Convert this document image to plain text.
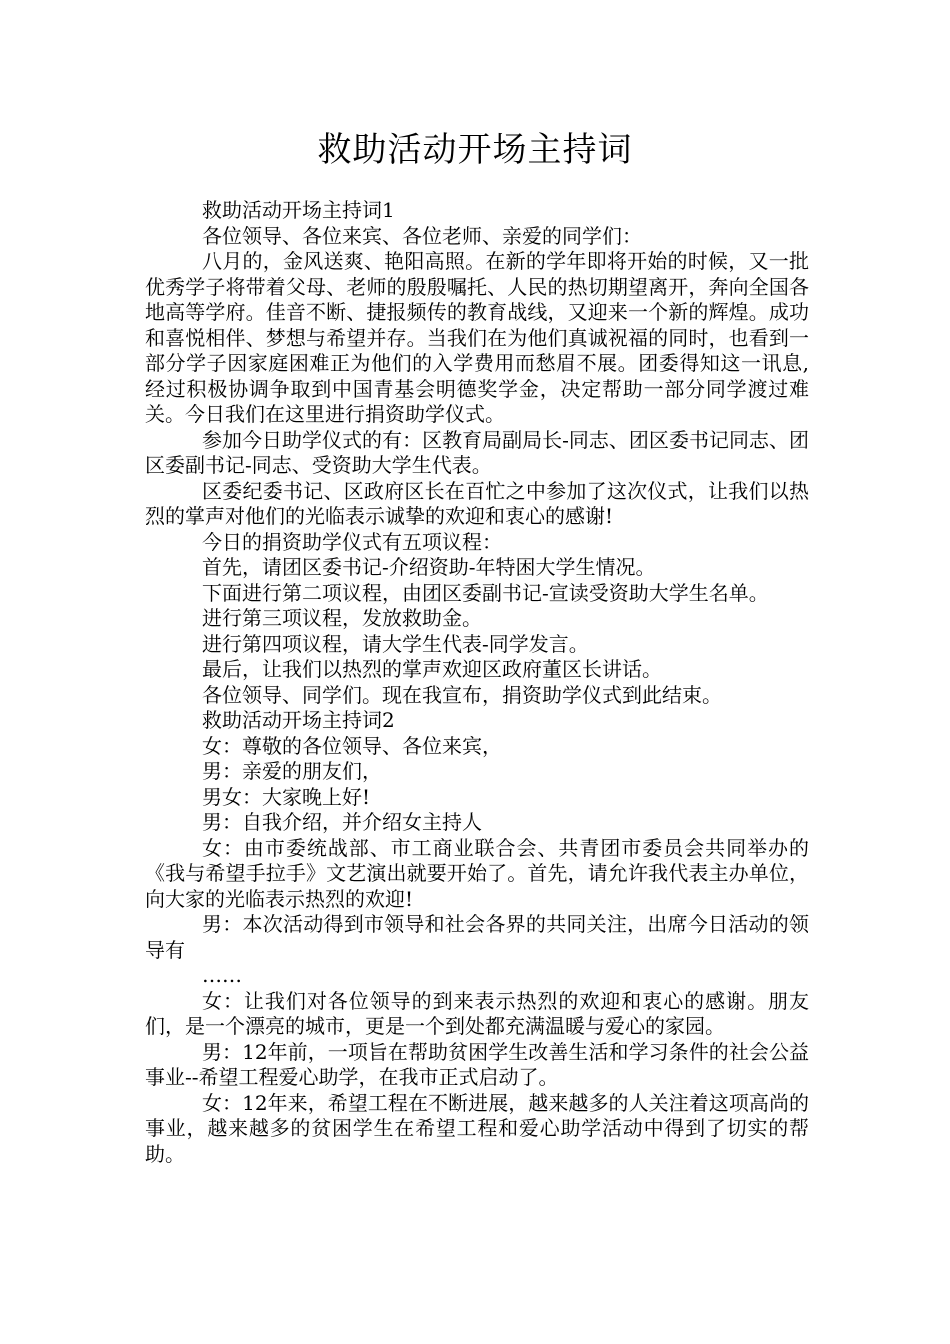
救助活动开场主持词

救助活动开场主持词1

各位领导、各位来宾、各位老师、亲爱的同学们：

八月的，金风送爽、艳阳高照。在新的学年即将开始的时候，又一批优秀学子将带着父母、老师的殷殷嘱托、人民的热切期望离开，奔向全国各地高等学府。佳音不断、捷报频传的教育战线，又迎来一个新的辉煌。成功和喜悦相伴、梦想与希望并存。当我们在为他们真诚祝福的同时，也看到一部分学子因家庭困难正为他们的入学费用而愁眉不展。团委得知这一讯息,经过积极协调争取到中国青基会明德奖学金，决定帮助一部分同学渡过难关。今日我们在这里进行捐资助学仪式。

参加今日助学仪式的有：区教育局副局长-同志、团区委书记同志、团区委副书记-同志、受资助大学生代表。

区委纪委书记、区政府区长在百忙之中参加了这次仪式，让我们以热烈的掌声对他们的光临表示诚挚的欢迎和衷心的感谢!

今日的捐资助学仪式有五项议程：

首先，请团区委书记-介绍资助-年特困大学生情况。

下面进行第二项议程，由团区委副书记-宣读受资助大学生名单。

进行第三项议程，发放救助金。

进行第四项议程，请大学生代表-同学发言。

最后，让我们以热烈的掌声欢迎区政府董区长讲话。

各位领导、同学们。现在我宣布，捐资助学仪式到此结束。

救助活动开场主持词2

女：尊敬的各位领导、各位来宾，

男：亲爱的朋友们，

男女：大家晚上好!

男：自我介绍，并介绍女主持人

女：由市委统战部、市工商业联合会、共青团市委员会共同举办的《我与希望手拉手》文艺演出就要开始了。首先，请允许我代表主办单位，向大家的光临表示热烈的欢迎!

男：本次活动得到市领导和社会各界的共同关注，出席今日活动的领导有

……

女：让我们对各位领导的到来表示热烈的欢迎和衷心的感谢。朋友们，是一个漂亮的城市，更是一个到处都充满温暖与爱心的家园。

男：12年前，一项旨在帮助贫困学生改善生活和学习条件的社会公益事业--希望工程爱心助学，在我市正式启动了。

女：12年来，希望工程在不断进展，越来越多的人关注着这项高尚的事业，越来越多的贫困学生在希望工程和爱心助学活动中得到了切实的帮助。
